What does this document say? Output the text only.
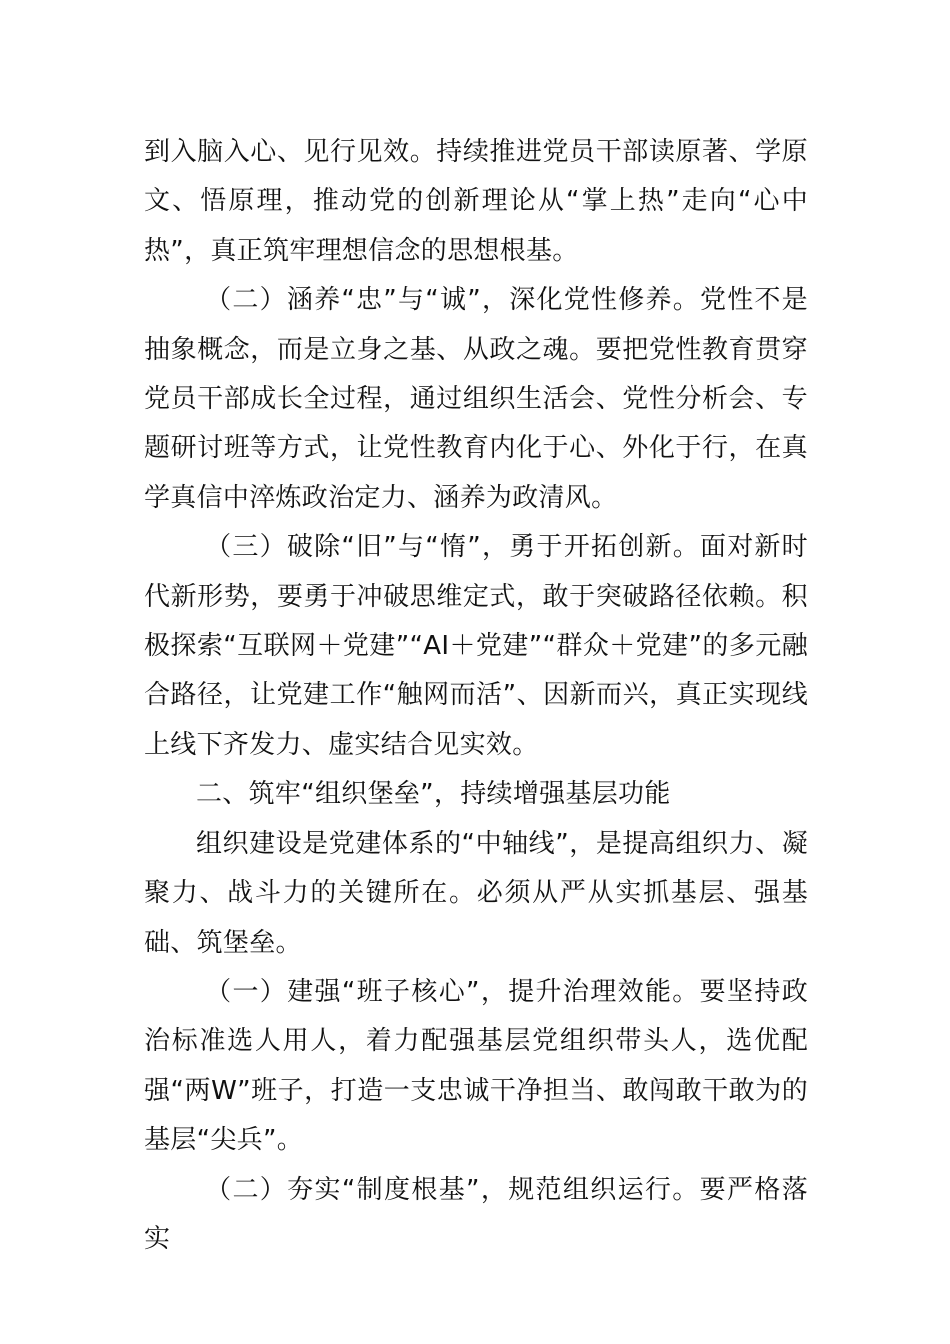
到入脑入心、见行见效。持续推进党员干部读原著、学原文、悟原理，推动党的创新理论从“掌上热”走向“心中热”，真正筑牢理想信念的思想根基。

（二）涵养“忠”与“诚”，深化党性修养。党性不是抽象概念，而是立身之基、从政之魂。要把党性教育贯穿党员干部成长全过程，通过组织生活会、党性分析会、专题研讨班等方式，让党性教育内化于心、外化于行，在真学真信中淬炼政治定力、涵养为政清风。

（三）破除“旧”与“惰”，勇于开拓创新。面对新时代新形势，要勇于冲破思维定式，敢于突破路径依赖。积极探索“互联网＋党建”“AI＋党建”“群众＋党建”的多元融合路径，让党建工作“触网而活”、因新而兴，真正实现线上线下齐发力、虚实结合见实效。

二、筑牢“组织堡垒”，持续增强基层功能

组织建设是党建体系的“中轴线”，是提高组织力、凝聚力、战斗力的关键所在。必须从严从实抓基层、强基础、筑堡垒。

（一）建强“班子核心”，提升治理效能。要坚持政治标准选人用人，着力配强基层党组织带头人，选优配强“两W”班子，打造一支忠诚干净担当、敢闯敢干敢为的基层“尖兵”。

（二）夯实“制度根基”，规范组织运行。要严格落实
